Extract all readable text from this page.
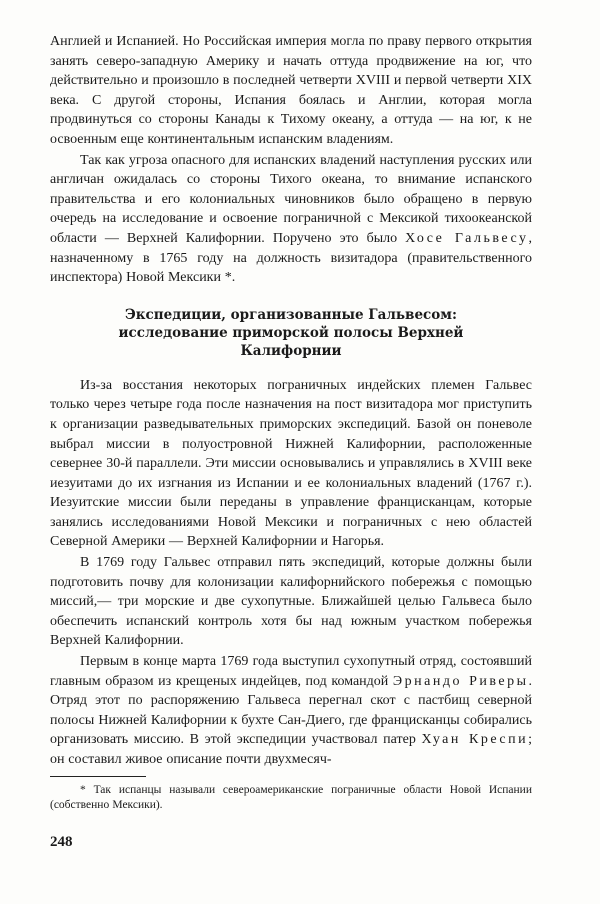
Англией и Испанией. Но Российская империя могла по праву первого открытия занять северо-западную Америку и начать оттуда продвижение на юг, что действительно и произошло в последней четверти XVIII и первой четверти XIX века. С другой стороны, Испания боялась и Англии, которая могла продвинуться со стороны Канады к Тихому океану, а оттуда — на юг, к не освоенным еще континентальным испанским владениям.

Так как угроза опасного для испанских владений наступления русских или англичан ожидалась со стороны Тихого океана, то внимание испанского правительства и его колониальных чиновников было обращено в первую очередь на исследование и освоение пограничной с Мексикой тихоокеанской области — Верхней Калифорнии. Поручено это было Хосе Гальвесу, назначенному в 1765 году на должность визитадора (правительственного инспектора) Новой Мексики *.

Экспедиции, организованные Гальвесом:
исследование приморской полосы Верхней
Калифорнии

Из-за восстания некоторых пограничных индейских племен Гальвес только через четыре года после назначения на пост визитадора мог приступить к организации разведывательных приморских экспедиций. Базой он поневоле выбрал миссии в полуостровной Нижней Калифорнии, расположенные севернее 30-й параллели. Эти миссии основывались и управлялись в XVIII веке иезуитами до их изгнания из Испании и ее колониальных владений (1767 г.). Иезуитские миссии были переданы в управление францисканцам, которые занялись исследованиями Новой Мексики и пограничных с нею областей Северной Америки — Верхней Калифорнии и Нагорья.

В 1769 году Гальвес отправил пять экспедиций, которые должны были подготовить почву для колонизации калифорнийского побережья с помощью миссий,— три морские и две сухопутные. Ближайшей целью Гальвеса было обеспечить испанский контроль хотя бы над южным участком побережья Верхней Калифорнии.

Первым в конце марта 1769 года выступил сухопутный отряд, состоявший главным образом из крещеных индейцев, под командой Эрнандо Риверы. Отряд этот по распоряжению Гальвеса перегнал скот с пастбищ северной полосы Нижней Калифорнии к бухте Сан-Диего, где францисканцы собирались организовать миссию. В этой экспедиции участвовал патер Хуан Креспи; он составил живое описание почти двухмесяч-

* Так испанцы называли североамериканские пограничные области Новой Испании (собственно Мексики).

248
